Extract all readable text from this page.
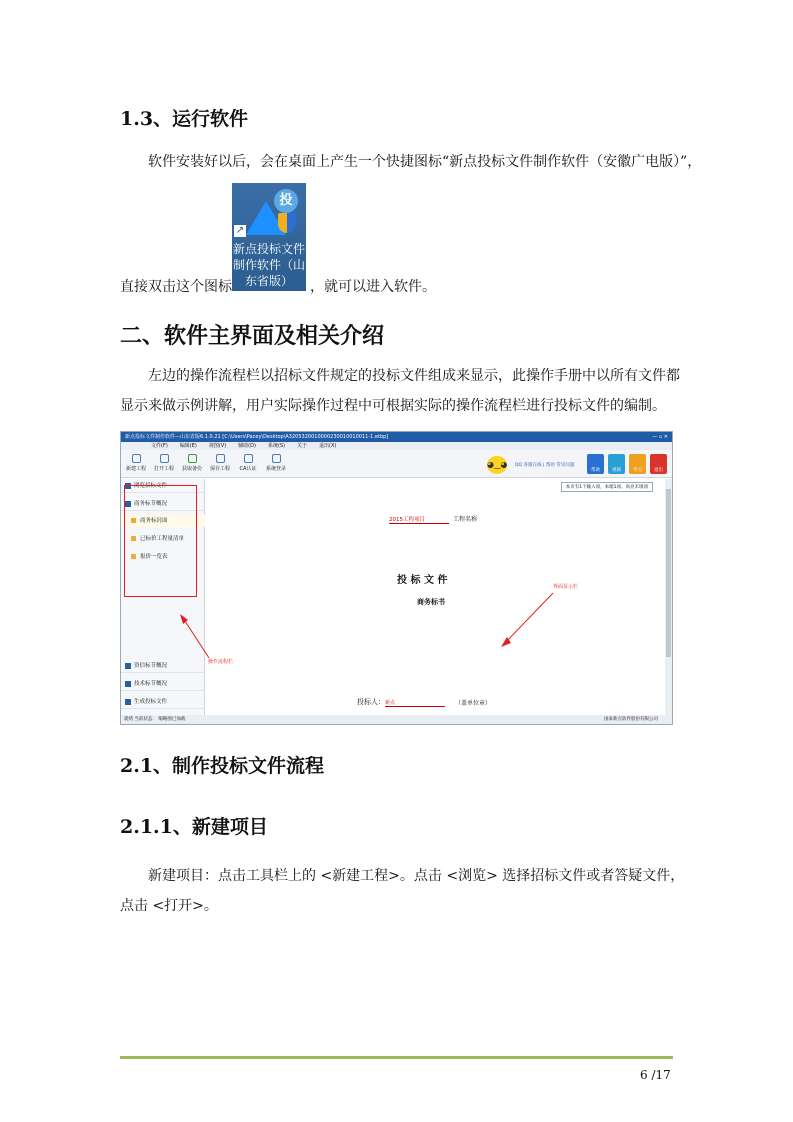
1.3、运行软件
软件安装好以后，会在桌面上产生一个快捷图标“新点投标文件制作软件（安徽广电版）”，
投
↗
新点投标文件
制作软件（山
东省版）
直接双击这个图标	，就可以进入软件。
二、软件主界面及相关介绍
左边的操作流程栏以招标文件规定的投标文件组成来显示，此操作手册中以所有文件都
显示来做示例讲解，用户实际操作过程中可根据实际的操作流程栏进行投标文件的编制。
新点投标文件制作软件—山东省版6.1.0.21 [C:\Users\Pacey\Desktop\A3205320010000230010010011-1.etbp]	— ▫ ✕
文件(F) 编辑(E) 视图(V) 辅助(D) 系统(S) 关于 退出(X)
新建工程	打开工程	获取备份	保存工程	CA认证	系统登录	◕‿◕ QQ 客服在线 | 帮助 常见问题
帮助	视频	学习	退出
浏览招标文件
商务标节概况
商务标封面
已标价工程量清单
报价一览表
资信标节概况
技术标节概况
生成投标文件
本页有1个输入项，本缩1项。高亮未填项
2015工程项目	工程名称
投 标 文 件
商务标书
界面显示栏
投标人： 新点	（盖单位章）
操作流程栏
就绪 当前状态： 缩略图已加载	国泰新点软件股份有限公司
2.1、制作投标文件流程
2.1.1、新建项目
新建项目：点击工具栏上的 <新建工程>。点击 <浏览> 选择招标文件或者答疑文件，
点击 <打开>。
6 /17
